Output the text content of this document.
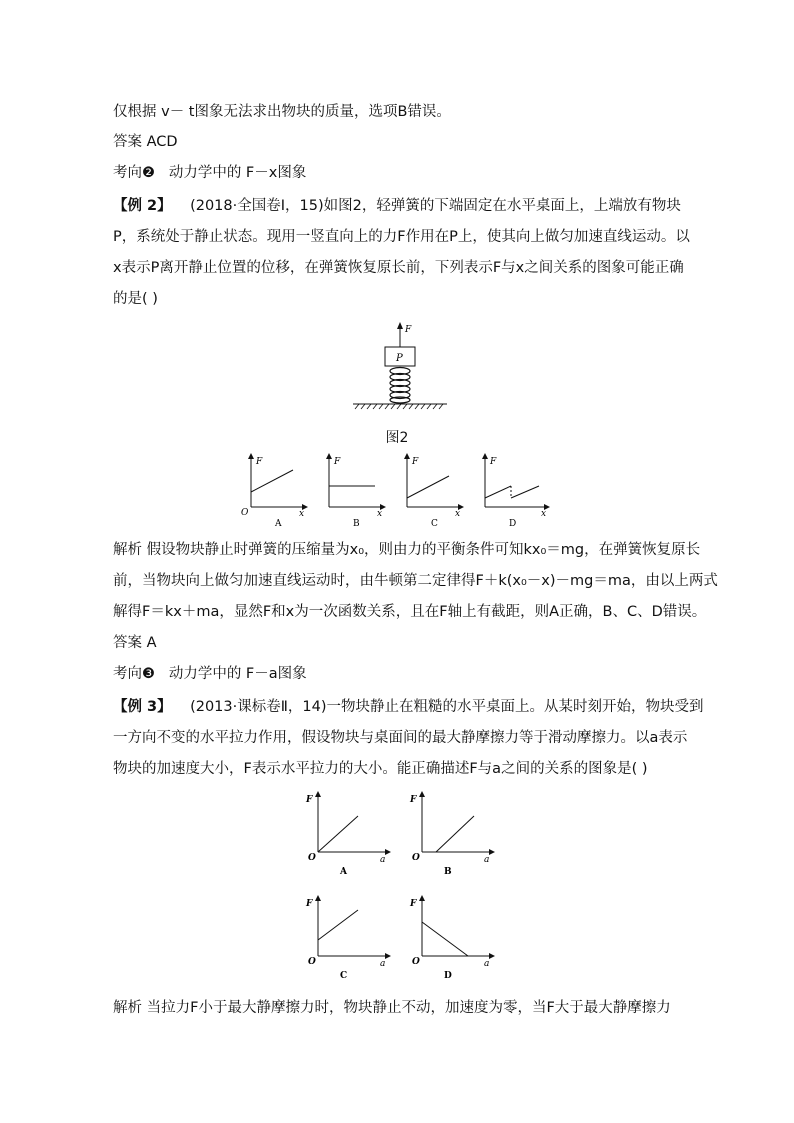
仅根据 v－ t图象无法求出物块的质量，选项B错误。
答案 ACD
考向❷ 动力学中的 F－x图象
【例 2】 (2018·全国卷Ⅰ，15)如图2，轻弹簧的下端固定在水平桌面上，上端放有物块
P，系统处于静止状态。现用一竖直向上的力F作用在P上，使其向上做匀加速直线运动。以
x表示P离开静止位置的位移，在弹簧恢复原长前，下列表示F与x之间关系的图象可能正确
的是( )
F
P
图2
F
x
O
A
F
x
B
F
x
C
F
x
D
解析 假设物块静止时弹簧的压缩量为x₀，则由力的平衡条件可知kx₀＝mg，在弹簧恢复原长
前，当物块向上做匀加速直线运动时，由牛顿第二定律得F＋k(x₀－x)－mg＝ma，由以上两式
解得F＝kx＋ma，显然F和x为一次函数关系，且在F轴上有截距，则A正确，B、C、D错误。
答案 A
考向❸ 动力学中的 F－a图象
【例 3】 (2013·课标卷Ⅱ，14)一物块静止在粗糙的水平桌面上。从某时刻开始，物块受到
一方向不变的水平拉力作用，假设物块与桌面间的最大静摩擦力等于滑动摩擦力。以a表示
物块的加速度大小，F表示水平拉力的大小。能正确描述F与a之间的关系的图象是( )
F
a
O
A
F
a
O
B
F
a
O
C
F
a
O
D
解析 当拉力F小于最大静摩擦力时，物块静止不动，加速度为零，当F大于最大静摩擦力
